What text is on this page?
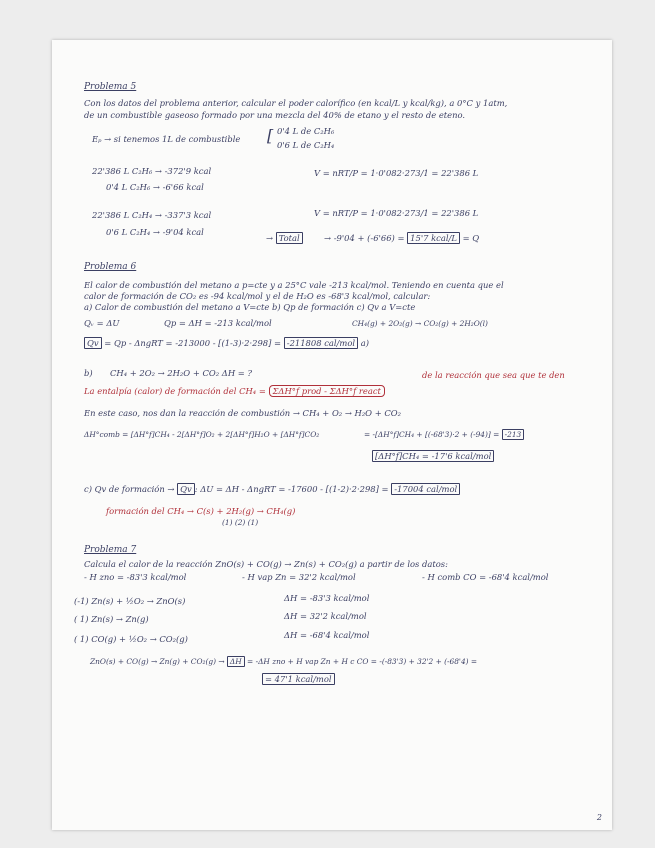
Problema 5
Con los datos del problema anterior, calcular el poder calorífico (en kcal/L y kcal/kg), a 0°C y 1atm,
de un combustible gaseoso formado por una mezcla del 40% de etano y el resto de eteno.
Eₚ → si tenemos 1L de combustible [ 0'4 L de C₂H₆
0'6 L de C₂H₄
22'386 L C₂H₆ → -372'9 kcal
0'4 L C₂H₆ → -6'66 kcal
V = nRT/P = 1·0'082·273/1 = 22'386 L
22'386 L C₂H₄ → -337'3 kcal
0'6 L C₂H₄ → -9'04 kcal
V = nRT/P = 1·0'082·273/1 = 22'386 L
→ Total	→ -9'04 + (-6'66) = 15'7 kcal/L = Q
Problema 6
El calor de combustión del metano a p=cte y a 25°C vale -213 kcal/mol. Teniendo en cuenta que el
calor de formación de CO₂ es -94 kcal/mol y el de H₂O es -68'3 kcal/mol, calcular:
a) Calor de combustión del metano a V=cte b) Qp de formación c) Qv a V=cte
Qᵥ = ΔU	Qp = ΔH = -213 kcal/mol	CH₄(g) + 2O₂(g) → CO₂(g) + 2H₂O(l)
Qv = Qp - ΔngRT = -213000 - [(1-3)·2·298] = -211808 cal/mol a)
b) CH₄ + 2O₂ → 2H₂O + CO₂ ΔH = ?	de la reacción que sea que te den
La entalpía (calor) de formación del CH₄ = ΣΔH°f prod - ΣΔH°f react
En este caso, nos dan la reacción de combustión → CH₄ + O₂ → H₂O + CO₂
ΔH°comb = [ΔH°f]CH₄ - 2[ΔH°f]O₂ + 2[ΔH°f]H₂O + [ΔH°f]CO₂	= -[ΔH°f]CH₄ + [(-68'3)·2 + (-94)] = -213
[ΔH°f]CH₄ = -17'6 kcal/mol
c) Qv de formación → Qv : ΔU = ΔH - ΔngRT = -17600 - [(1-2)·2·298] = -17004 cal/mol
formación del CH₄ → C(s) + 2H₂(g) → CH₄(g)
(1) (2) (1)
Problema 7
Calcula el calor de la reacción ZnO(s) + CO(g) → Zn(s) + CO₂(g) a partir de los datos:
- H zno = -83'3 kcal/mol	- H vap Zn = 32'2 kcal/mol	- H comb CO = -68'4 kcal/mol
(-1) Zn(s) + ½O₂ → ZnO(s)	ΔH = -83'3 kcal/mol
( 1) Zn(s) → Zn(g)	ΔH = 32'2 kcal/mol
( 1) CO(g) + ½O₂ → CO₂(g)	ΔH = -68'4 kcal/mol
ZnO(s) + CO(g) → Zn(g) + CO₂(g) → ΔH = -ΔH zno + H vap Zn + H c CO = -(-83'3) + 32'2 + (-68'4) =
= 47'1 kcal/mol
2
